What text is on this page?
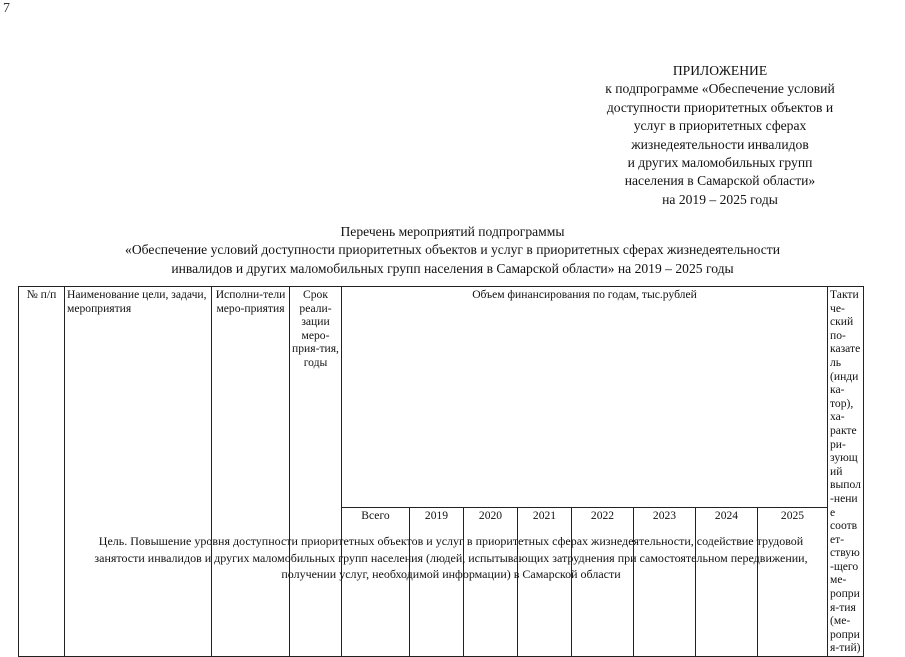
7
ПРИЛОЖЕНИЕ
к подпрограмме «Обеспечение условий
доступности приоритетных объектов и
услуг в приоритетных сферах
жизнедеятельности инвалидов
и других маломобильных групп
населения в Самарской области»
на 2019 – 2025 годы
Перечень мероприятий подпрограммы
«Обеспечение условий доступности приоритетных объектов и услуг в приоритетных сферах жизнедеятельности
инвалидов и других маломобильных групп населения в Самарской области» на 2019 – 2025 годы
№ п/п	Наименование цели, задачи, мероприятия	Исполни-тели меро-приятия	Срок реали-зации меро-прия-тия, годы	Объем финансирования по годам, тыс.рублей								Тактиче-ский по-казатель (индика-тор), ха-рактери-зующий выпол-нение соответ-ствую-щего ме-роприя-тия (ме-роприя-тий)
				Всего	2019	2020	2021	2022	2023	2024	2025	
Цель. Повышение уровня доступности приоритетных объектов и услуг в приоритетных сферах жизнедеятельности, содействие трудовой
занятости инвалидов и других маломобильных групп населения (людей, испытывающих затруднения при самостоятельном передвижении,
получении услуг, необходимой информации) в Самарской области
